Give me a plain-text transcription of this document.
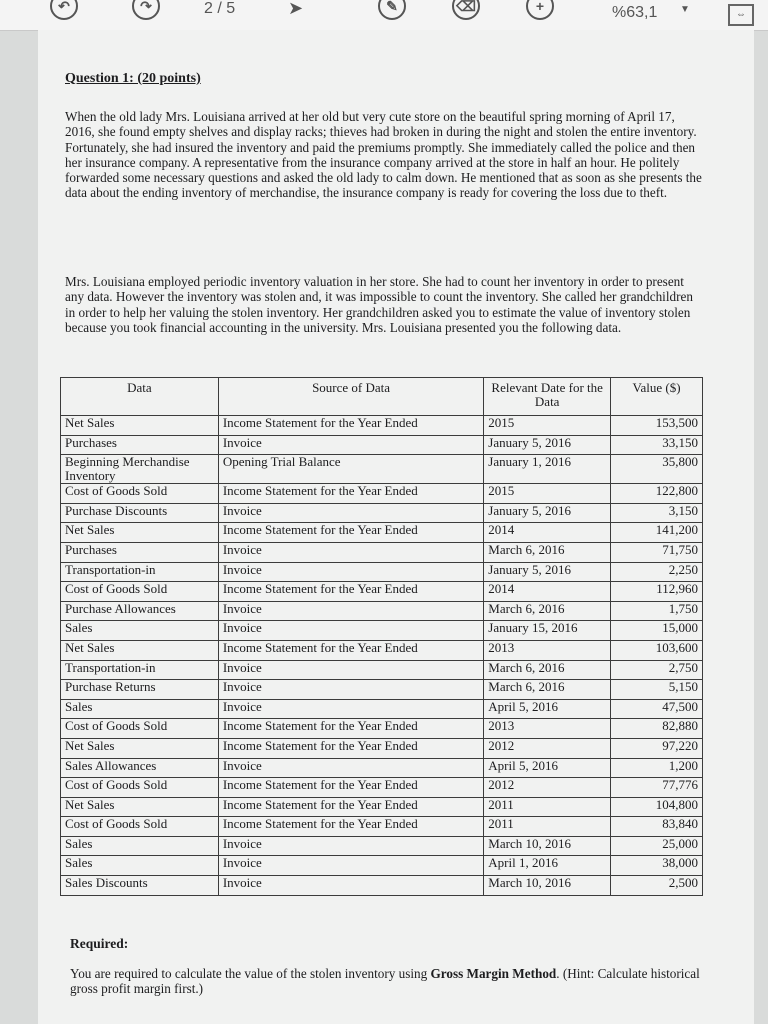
↶	↷	2 / 5	➤	✎	⌫	+	%63,1 ▼	⇔
Question 1: (20 points)

When the old lady Mrs. Louisiana arrived at her old but very cute store on the beautiful spring morning of April 17, 2016, she found empty shelves and display racks; thieves had broken in during the night and stolen the entire inventory. Fortunately, she had insured the inventory and paid the premiums promptly. She immediately called the police and then her insurance company. A representative from the insurance company arrived at the store in half an hour. He politely forwarded some necessary questions and asked the old lady to calm down. He mentioned that as soon as she presents the data about the ending inventory of merchandise, the insurance company is ready for covering the loss due to theft.

Mrs. Louisiana employed periodic inventory valuation in her store. She had to count her inventory in order to present any data. However the inventory was stolen and, it was impossible to count the inventory. She called her grandchildren in order to help her valuing the stolen inventory. Her grandchildren asked you to estimate the value of inventory stolen because you took financial accounting in the university. Mrs. Louisiana presented you the following data.

Data	Source of Data	Relevant Date for the Data	Value ($)
Net Sales	Income Statement for the Year Ended	2015	153,500
Purchases	Invoice	January 5, 2016	33,150
Beginning Merchandise Inventory	Opening Trial Balance	January 1, 2016	35,800
Cost of Goods Sold	Income Statement for the Year Ended	2015	122,800
Purchase Discounts	Invoice	January 5, 2016	3,150
Net Sales	Income Statement for the Year Ended	2014	141,200
Purchases	Invoice	March 6, 2016	71,750
Transportation-in	Invoice	January 5, 2016	2,250
Cost of Goods Sold	Income Statement for the Year Ended	2014	112,960
Purchase Allowances	Invoice	March 6, 2016	1,750
Sales	Invoice	January 15, 2016	15,000
Net Sales	Income Statement for the Year Ended	2013	103,600
Transportation-in	Invoice	March 6, 2016	2,750
Purchase Returns	Invoice	March 6, 2016	5,150
Sales	Invoice	April 5, 2016	47,500
Cost of Goods Sold	Income Statement for the Year Ended	2013	82,880
Net Sales	Income Statement for the Year Ended	2012	97,220
Sales Allowances	Invoice	April 5, 2016	1,200
Cost of Goods Sold	Income Statement for the Year Ended	2012	77,776
Net Sales	Income Statement for the Year Ended	2011	104,800
Cost of Goods Sold	Income Statement for the Year Ended	2011	83,840
Sales	Invoice	March 10, 2016	25,000
Sales	Invoice	April 1, 2016	38,000
Sales Discounts	Invoice	March 10, 2016	2,500
Required:

You are required to calculate the value of the stolen inventory using Gross Margin Method. (Hint: Calculate historical gross profit margin first.)
